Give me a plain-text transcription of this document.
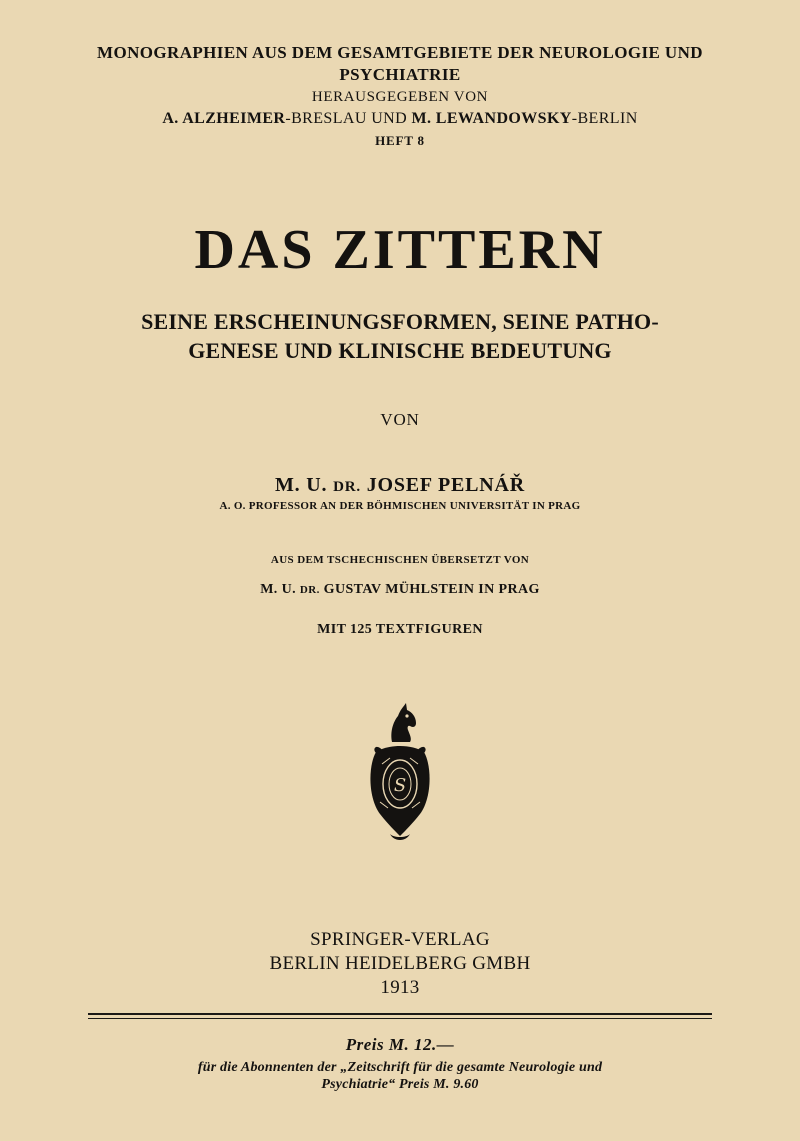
MONOGRAPHIEN AUS DEM GESAMTGEBIETE DER NEUROLOGIE UND
PSYCHIATRIE
HERAUSGEGEBEN VON
A. ALZHEIMER-BRESLAU UND M. LEWANDOWSKY-BERLIN
HEFT 8
DAS ZITTERN
SEINE ERSCHEINUNGSFORMEN, SEINE PATHO-
GENESE UND KLINISCHE BEDEUTUNG
VON
M. U. DR. JOSEF PELNÁŘ
A. O. PROFESSOR AN DER BÖHMISCHEN UNIVERSITÄT IN PRAG
AUS DEM TSCHECHISCHEN ÜBERSETZT VON
M. U. DR. GUSTAV MÜHLSTEIN IN PRAG
MIT 125 TEXTFIGUREN
S
SPRINGER-VERLAG
BERLIN HEIDELBERG GMBH
1913
Preis M. 12.—
für die Abonnenten der „Zeitschrift für die gesamte Neurologie und
Psychiatrie“ Preis M. 9.60
